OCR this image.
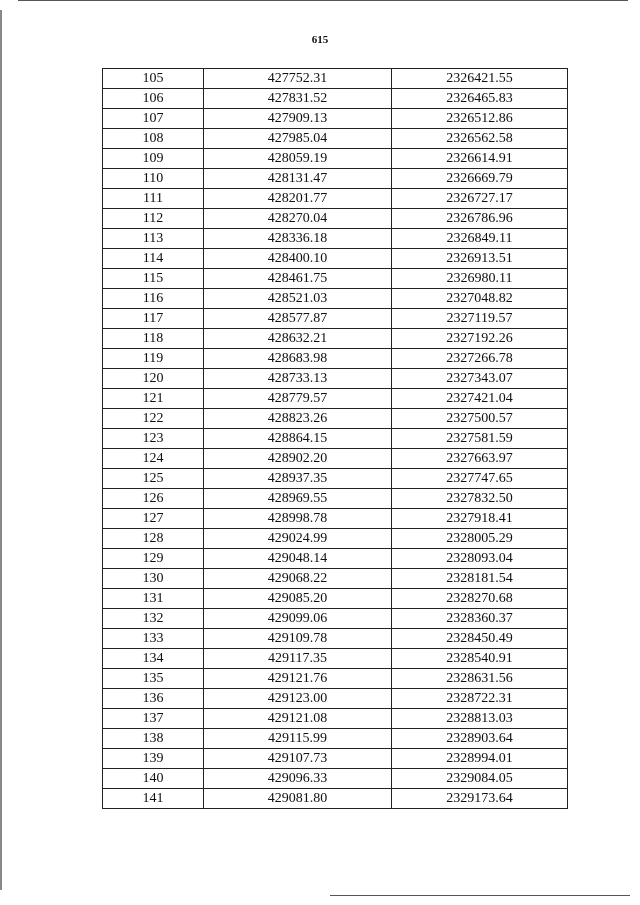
615
105	427752.31	2326421.55
106	427831.52	2326465.83
107	427909.13	2326512.86
108	427985.04	2326562.58
109	428059.19	2326614.91
110	428131.47	2326669.79
111	428201.77	2326727.17
112	428270.04	2326786.96
113	428336.18	2326849.11
114	428400.10	2326913.51
115	428461.75	2326980.11
116	428521.03	2327048.82
117	428577.87	2327119.57
118	428632.21	2327192.26
119	428683.98	2327266.78
120	428733.13	2327343.07
121	428779.57	2327421.04
122	428823.26	2327500.57
123	428864.15	2327581.59
124	428902.20	2327663.97
125	428937.35	2327747.65
126	428969.55	2327832.50
127	428998.78	2327918.41
128	429024.99	2328005.29
129	429048.14	2328093.04
130	429068.22	2328181.54
131	429085.20	2328270.68
132	429099.06	2328360.37
133	429109.78	2328450.49
134	429117.35	2328540.91
135	429121.76	2328631.56
136	429123.00	2328722.31
137	429121.08	2328813.03
138	429115.99	2328903.64
139	429107.73	2328994.01
140	429096.33	2329084.05
141	429081.80	2329173.64
